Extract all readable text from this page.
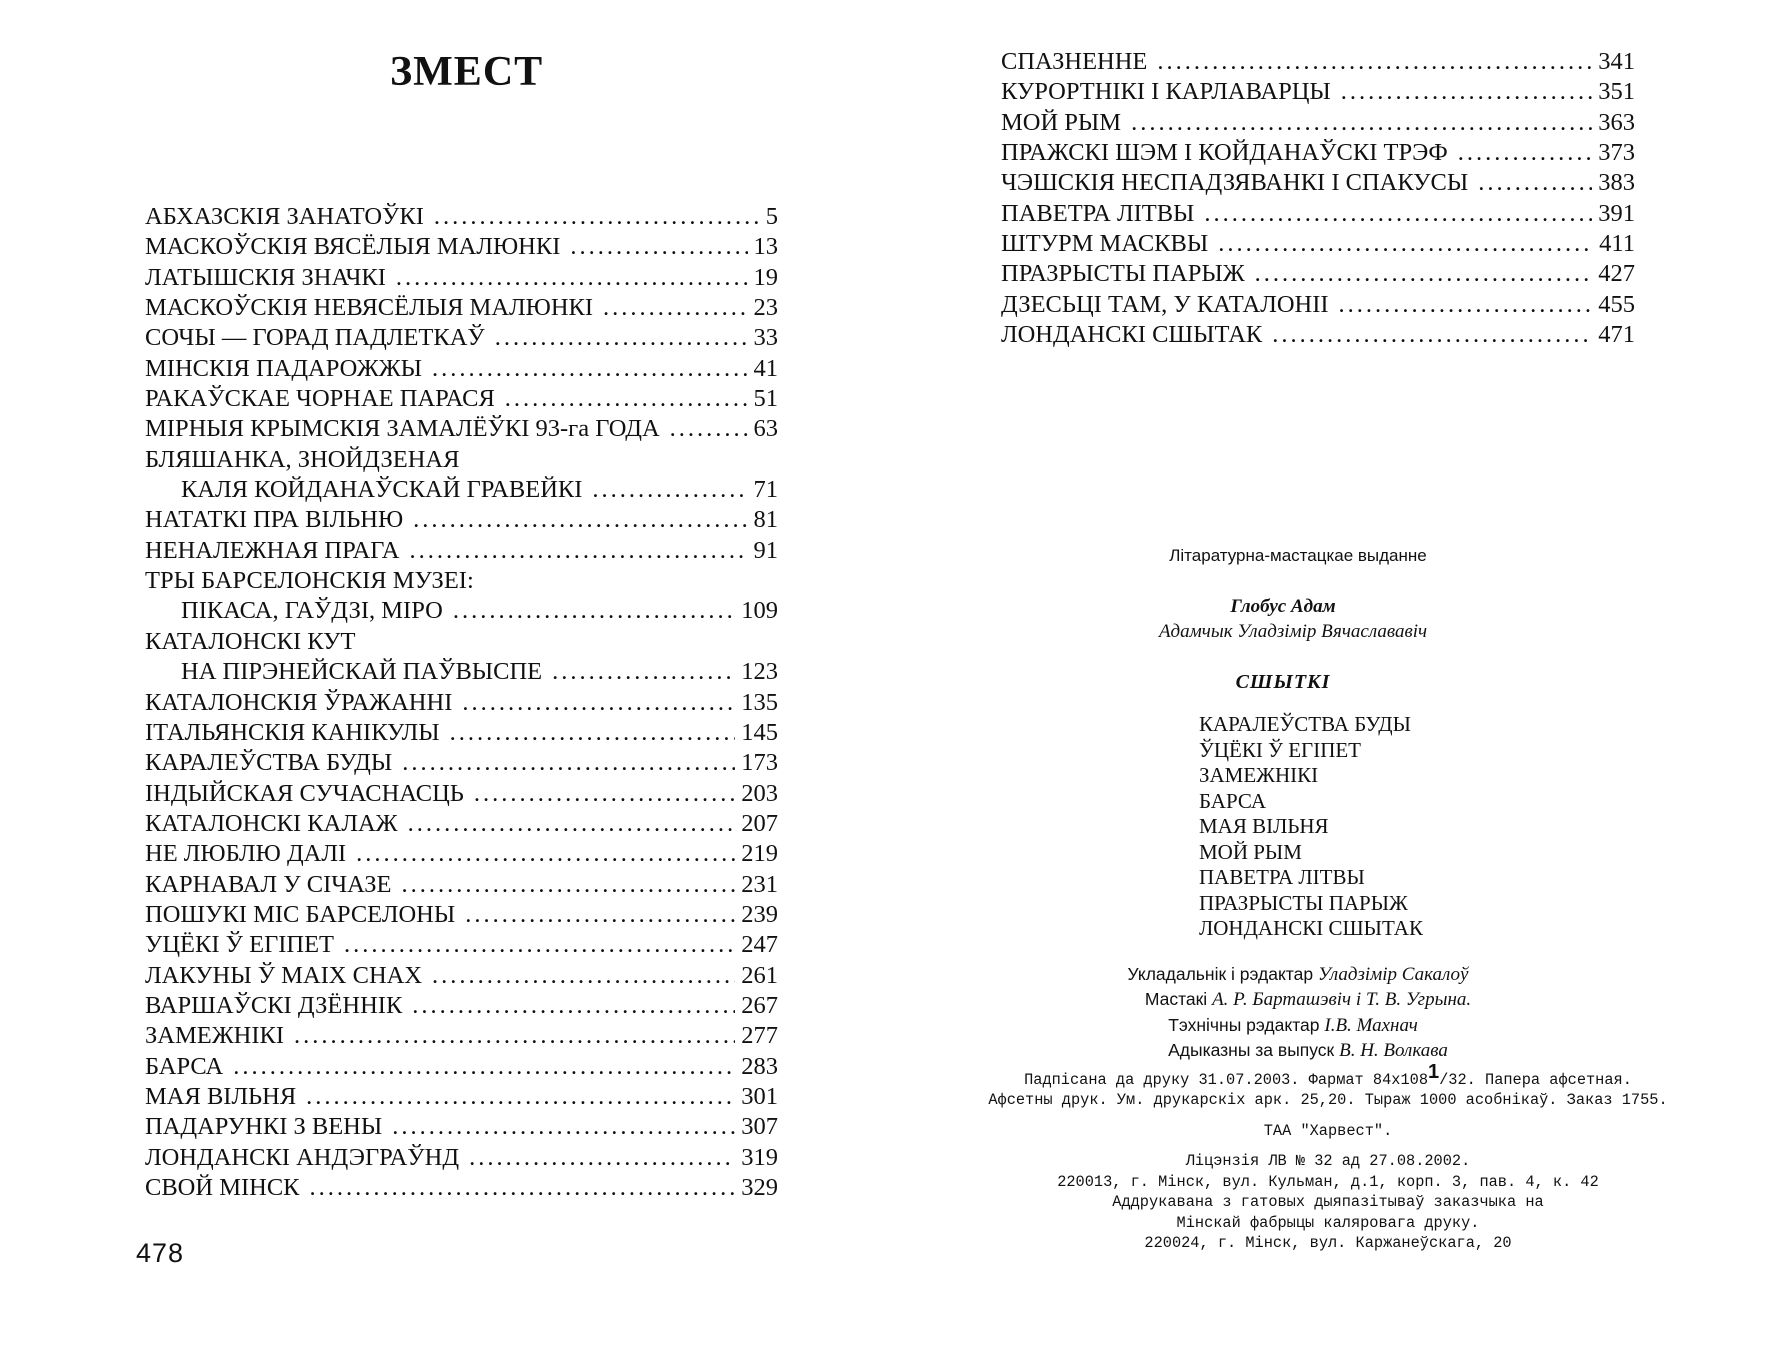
ЗМЕСТ
АБХАЗСКІЯ ЗАНАТОЎКІ .....	5
МАСКОЎСКІЯ ВЯСЁЛЫЯ МАЛЮНКІ .....	13
ЛАТЫШСКІЯ ЗНАЧКІ .....	19
МАСКОЎСКІЯ НЕВЯСЁЛЫЯ МАЛЮНКІ .....	23
СОЧЫ — ГОРАД ПАДЛЕТКАЎ .....	33
МІНСКІЯ ПАДАРОЖЖЫ .....	41
РАКАЎСКАЕ ЧОРНАЕ ПАРАСЯ .....	51
МІРНЫЯ КРЫМСКІЯ ЗАМАЛЁЎКІ 93-га ГОДА .....	63
БЛЯШАНКА, ЗНОЙДЗЕНАЯ
КАЛЯ КОЙДАНАЎСКАЙ ГРАВЕЙКІ .....	71
НАТАТКІ ПРА ВІЛЬНЮ .....	81
НЕНАЛЕЖНАЯ ПРАГА .....	91
ТРЫ БАРСЕЛОНСКІЯ МУЗЕІ:
ПІКАСА, ГАЎДЗІ, МІРО .....	109
КАТАЛОНСКІ КУТ
НА ПІРЭНЕЙСКАЙ ПАЎВЫСПЕ .....	123
КАТАЛОНСКІЯ ЎРАЖАННІ .....	135
ІТАЛЬЯНСКІЯ КАНІКУЛЫ .....	145
КАРАЛЕЎСТВА БУДЫ .....	173
ІНДЫЙСКАЯ СУЧАСНАСЦЬ .....	203
КАТАЛОНСКІ КАЛАЖ .....	207
НЕ ЛЮБЛЮ ДАЛІ .....	219
КАРНАВАЛ У СІЧАЗЕ .....	231
ПОШУКІ МІС БАРСЕЛОНЫ .....	239
УЦЁКІ Ў ЕГІПЕТ .....	247
ЛАКУНЫ Ў МАІХ СНАХ .....	261
ВАРШАЎСКІ ДЗЁННІК .....	267
ЗАМЕЖНІКІ .....	277
БАРСА .....	283
МАЯ ВІЛЬНЯ .....	301
ПАДАРУНКІ З ВЕНЫ .....	307
ЛОНДАНСКІ АНДЭГРАЎНД .....	319
СВОЙ МІНСК .....	329
478
СПАЗНЕННЕ .....	341
КУРОРТНІКІ І КАРЛАВАРЦЫ .....	351
МОЙ РЫМ .....	363
ПРАЖСКІ ШЭМ І КОЙДАНАЎСКІ ТРЭФ .....	373
ЧЭШСКІЯ НЕСПАДЗЯВАНКІ І СПАКУСЫ .....	383
ПАВЕТРА ЛІТВЫ .....	391
ШТУРМ МАСКВЫ .....	411
ПРАЗРЫСТЫ ПАРЫЖ .....	427
ДЗЕСЬЦІ ТАМ, У КАТАЛОНІІ .....	455
ЛОНДАНСКІ СШЫТАК .....	471
Літаратурна-мастацкае выданне
Глобус Адам
Адамчык Уладзімір Вячаслававіч
СШЫТКІ
КАРАЛЕЎСТВА БУДЫ
ЎЦЁКІ Ў ЕГІПЕТ
ЗАМЕЖНІКІ
БАРСА
МАЯ ВІЛЬНЯ
МОЙ РЫМ
ПАВЕТРА ЛІТВЫ
ПРАЗРЫСТЫ ПАРЫЖ
ЛОНДАНСКІ СШЫТАК
Укладальнік і рэдактар Уладзімір Сакалоў
Мастакі А. Р. Барташэвіч і Т. В. Угрына.
Тэхнічны рэдактар І.В. Махнач
Адыказны за выпуск В. Н. Волкава
Падпісана да друку 31.07.2003. Фармат 84х1081/32. Папера афсетная.
Афсетны друк. Ум. друкарскіх арк. 25,20. Тыраж 1000 асобнікаў. Заказ 1755.
ТАА "Харвест".
Ліцэнзія ЛВ № 32 ад 27.08.2002.
220013, г. Мінск, вул. Кульман, д.1, корп. 3, пав. 4, к. 42
Аддрукавана з гатовых дыяпазітываў заказчыка на
Мінскай фабрыцы каляровага друку.
220024, г. Мінск, вул. Каржанеўскага, 20
